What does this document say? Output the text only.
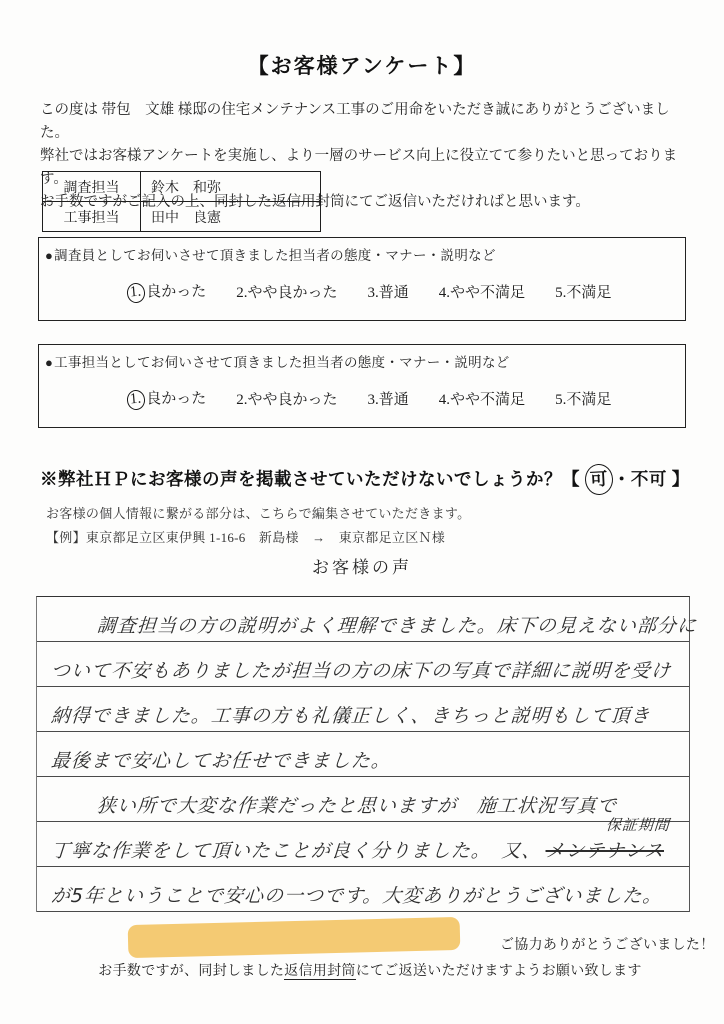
【お客様アンケート】
この度は 帯包　文雄 様邸の住宅メンテナンス工事のご用命をいただき誠にありがとうございました。
弊社ではお客様アンケートを実施し、より一層のサービス向上に役立てて参りたいと思っております。
お手数ですがご記入の上、同封した返信用封筒にてご返信いただければと思います。
調査担当	鈴木　和弥
工事担当	田中　良憲
●調査員としてお伺いさせて頂きました担当者の態度・マナー・説明など
1. 良かった 2.やや良かった 3.普通 4.やや不満足 5.不満足
●工事担当としてお伺いさせて頂きました担当者の態度・マナー・説明など
1. 良かった 2.やや良かった 3.普通 4.やや不満足 5.不満足
※弊社ＨＰにお客様の声を掲載させていただけないでしょうか？【 可 ・不可 】
お客様の個人情報に繋がる部分は、こちらで編集させていただきます。
【例】東京都足立区東伊興 1-16-6　新島様　→　東京都足立区Ｎ様
お客様の声
調査担当の方の説明がよく理解できました。床下の見えない部分に
ついて不安もありましたが担当の方の床下の写真で詳細に説明を受け
納得できました。工事の方も礼儀正しく、きちっと説明もして頂き
最後まで安心してお任せできました。
狭い所で大変な作業だったと思いますが　施工状況写真で
丁寧な作業をして頂いたことが良く分りました。　又、
保証期間
メンテナンス
が5年ということで安心の一つです。大変ありがとうございました。
ご協力ありがとうございました！
お手数ですが、同封しました返信用封筒にてご返送いただけますようお願い致します
